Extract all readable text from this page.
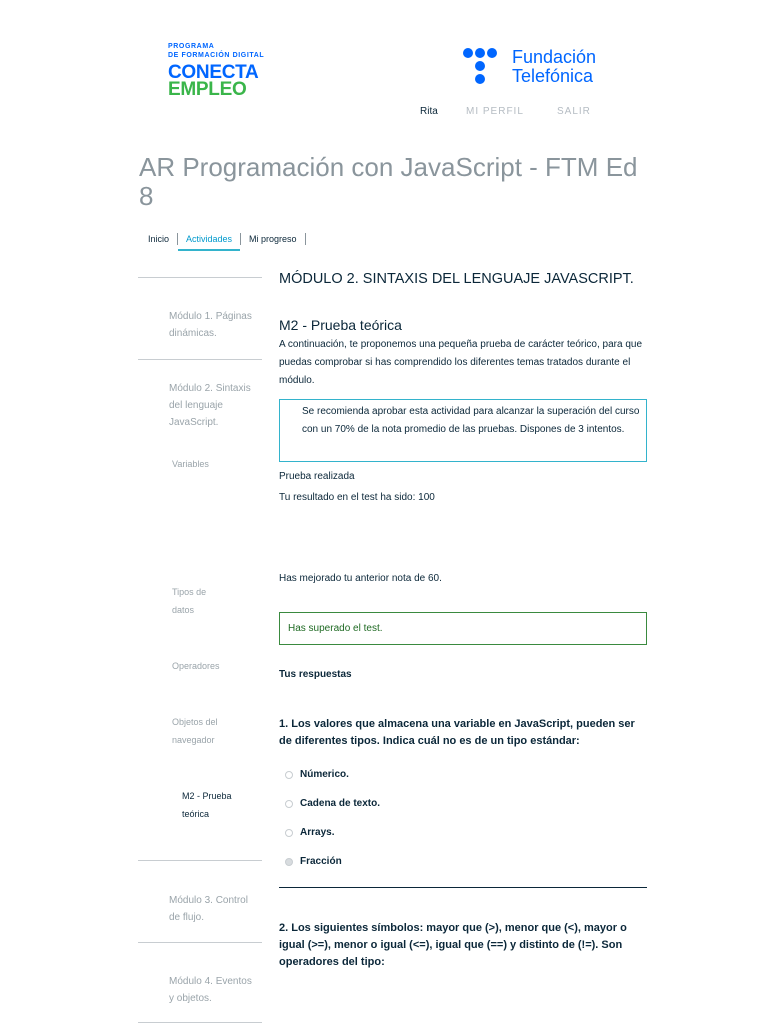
PROGRAMA
DE FORMACIÓN DIGITAL
CONECTA
EMPLEO
Fundación
Telefónica
Rita	MI PERFIL	SALIR
AR Programación con JavaScript - FTM Ed 8
Inicio	Actividades	Mi progreso
Módulo 1. Páginas dinámicas.
Módulo 2. Sintaxis del lenguaje JavaScript.
Variables
Tipos de datos
Operadores
Objetos del navegador
M2 - Prueba teórica
Módulo 3. Control de flujo.
Módulo 4. Eventos y objetos.
MÓDULO 2. SINTAXIS DEL LENGUAJE JAVASCRIPT.
M2 - Prueba teórica
A continuación, te proponemos una pequeña prueba de carácter teórico, para que puedas comprobar si has comprendido los diferentes temas tratados durante el módulo.
Se recomienda aprobar esta actividad para alcanzar la superación del curso con un 70% de la nota promedio de las pruebas. Dispones de 3 intentos.
Prueba realizada
Tu resultado en el test ha sido: 100
Has mejorado tu anterior nota de 60.
Has superado el test.
Tus respuestas
1. Los valores que almacena una variable en JavaScript, pueden ser de diferentes tipos. Indica cuál no es de un tipo estándar:
Númerico.
Cadena de texto.
Arrays.
Fracción
2. Los siguientes símbolos: mayor que (>), menor que (<), mayor o igual (>=), menor o igual (<=), igual que (==) y distinto de (!=). Son operadores del tipo:
